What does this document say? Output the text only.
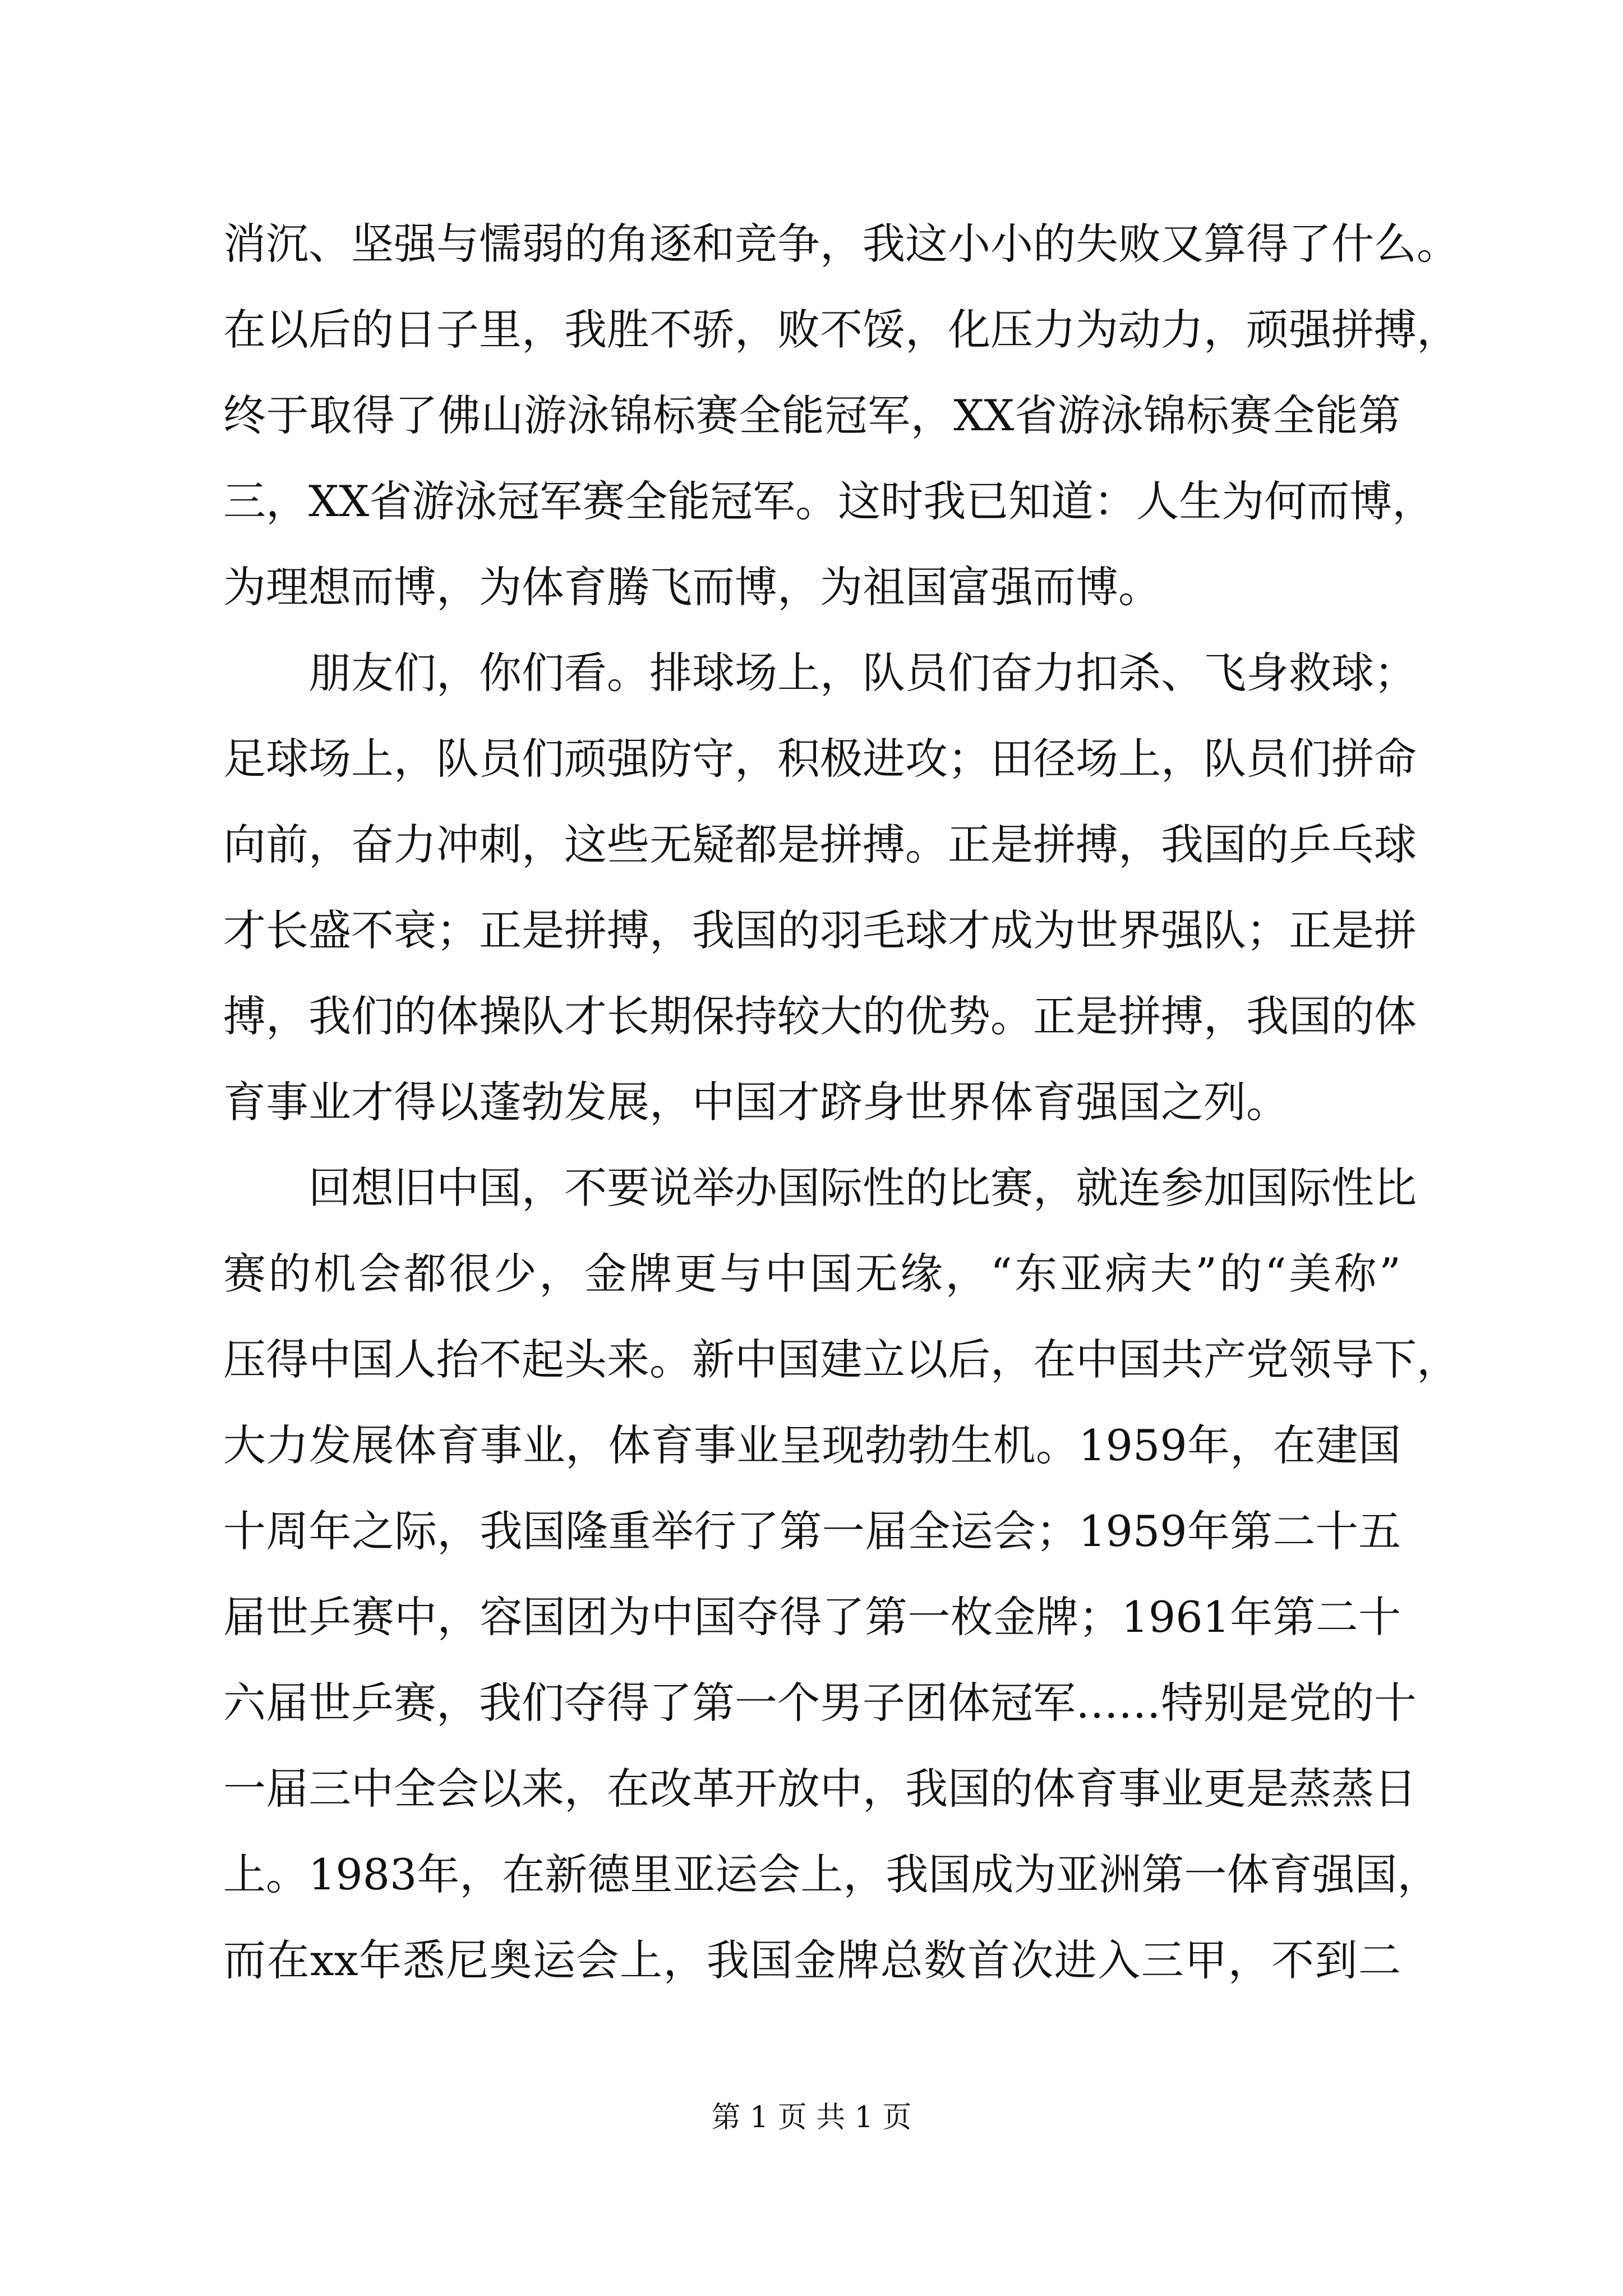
消沉、坚强与懦弱的角逐和竞争，我这小小的失败又算得了什么。
在以后的日子里，我胜不骄，败不馁，化压力为动力，顽强拼搏，
终于取得了佛山游泳锦标赛全能冠军，XX省游泳锦标赛全能第
三，XX省游泳冠军赛全能冠军。这时我已知道：人生为何而博，
为理想而博，为体育腾飞而博，为祖国富强而博。
朋友们，你们看。排球场上，队员们奋力扣杀、飞身救球；
足球场上，队员们顽强防守，积极进攻；田径场上，队员们拼命
向前，奋力冲刺，这些无疑都是拼搏。正是拼搏，我国的乒乓球
才长盛不衰；正是拼搏，我国的羽毛球才成为世界强队；正是拼
搏，我们的体操队才长期保持较大的优势。正是拼搏，我国的体
育事业才得以蓬勃发展，中国才跻身世界体育强国之列。
回想旧中国，不要说举办国际性的比赛，就连参加国际性比
赛的机会都很少，金牌更与中国无缘，“东亚病夫”的“美称”
压得中国人抬不起头来。新中国建立以后，在中国共产党领导下，
大力发展体育事业，体育事业呈现勃勃生机。1959年，在建国
十周年之际，我国隆重举行了第一届全运会；1959年第二十五
届世乒赛中，容国团为中国夺得了第一枚金牌；1961年第二十
六届世乒赛，我们夺得了第一个男子团体冠军……特别是党的十
一届三中全会以来，在改革开放中，我国的体育事业更是蒸蒸日
上。1983年，在新德里亚运会上，我国成为亚洲第一体育强国，
而在xx年悉尼奥运会上，我国金牌总数首次进入三甲，不到二
第 1 页 共 1 页
